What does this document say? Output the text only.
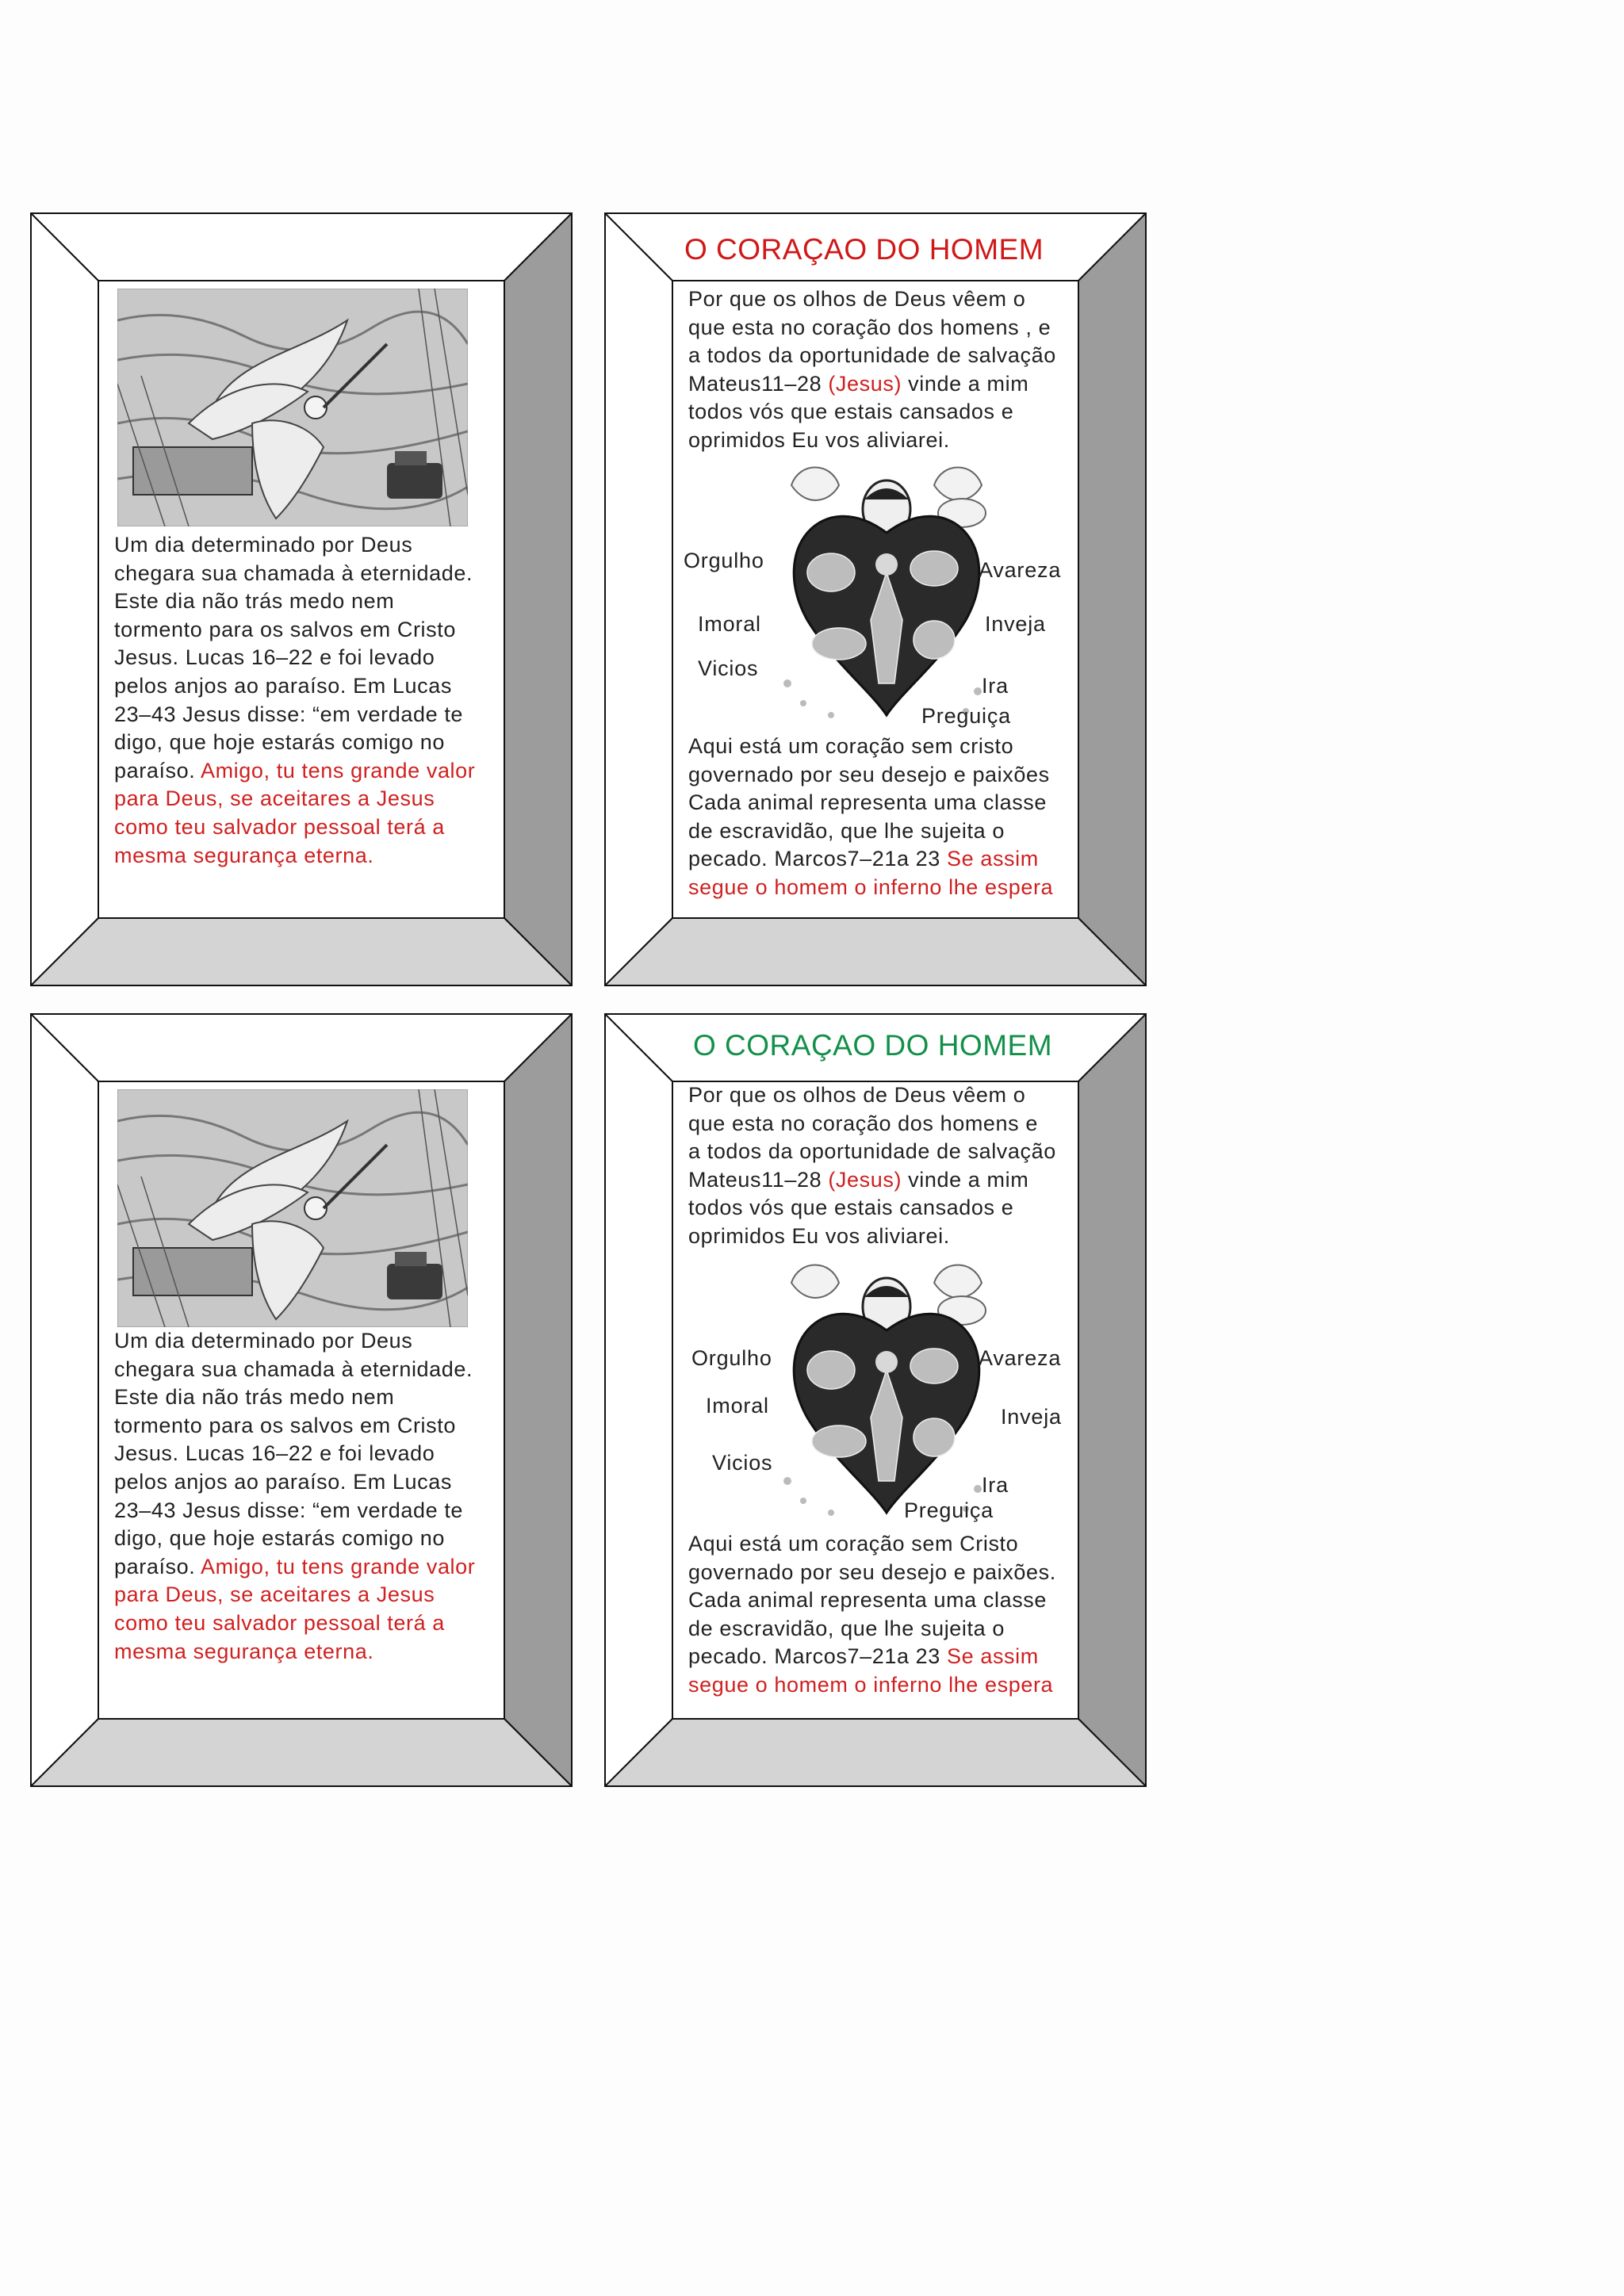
Um dia determinado por Deus
chegara sua chamada à eternidade.
Este dia não trás medo nem
tormento para os salvos em Cristo
Jesus. Lucas 16–22 e foi levado
pelos anjos ao paraíso. Em Lucas
23–43 Jesus disse: “em verdade te
digo, que hoje estarás comigo no
paraíso. Amigo, tu tens grande valor
para Deus, se aceitares a Jesus
como teu salvador pessoal terá a
mesma segurança eterna.
O CORAÇAO DO HOMEM
Por que os olhos de Deus vêem o
que esta no coração dos homens , e
a todos da oportunidade de salvação
Mateus11–28 (Jesus) vinde a mim
todos vós que estais cansados e
oprimidos Eu vos aliviarei.
Orgulho	Avareza
Imoral	Inveja
Vicios
Ira
Preguiça
Aqui está um coração sem cristo
governado por seu desejo e paixões
Cada animal representa uma classe
de escravidão, que lhe sujeita o
pecado. Marcos7–21a 23 Se assim
segue o homem o inferno lhe espera
Um dia determinado por Deus
chegara sua chamada à eternidade.
Este dia não trás medo nem
tormento para os salvos em Cristo
Jesus. Lucas 16–22 e foi levado
pelos anjos ao paraíso. Em Lucas
23–43 Jesus disse: “em verdade te
digo, que hoje estarás comigo no
paraíso. Amigo, tu tens grande valor
para Deus, se aceitares a Jesus
como teu salvador pessoal terá a
mesma segurança eterna.
O CORAÇAO DO HOMEM
Por que os olhos de Deus vêem o
que esta no coração dos homens e
a todos da oportunidade de salvação
Mateus11–28 (Jesus) vinde a mim
todos vós que estais cansados e
oprimidos Eu vos aliviarei.
Orgulho	Avareza
Imoral	Inveja
Vicios
Ira
Preguiça
Aqui está um coração sem Cristo
governado por seu desejo e paixões.
Cada animal representa uma classe
de escravidão, que lhe sujeita o
pecado. Marcos7–21a 23 Se assim
segue o homem o inferno lhe espera
